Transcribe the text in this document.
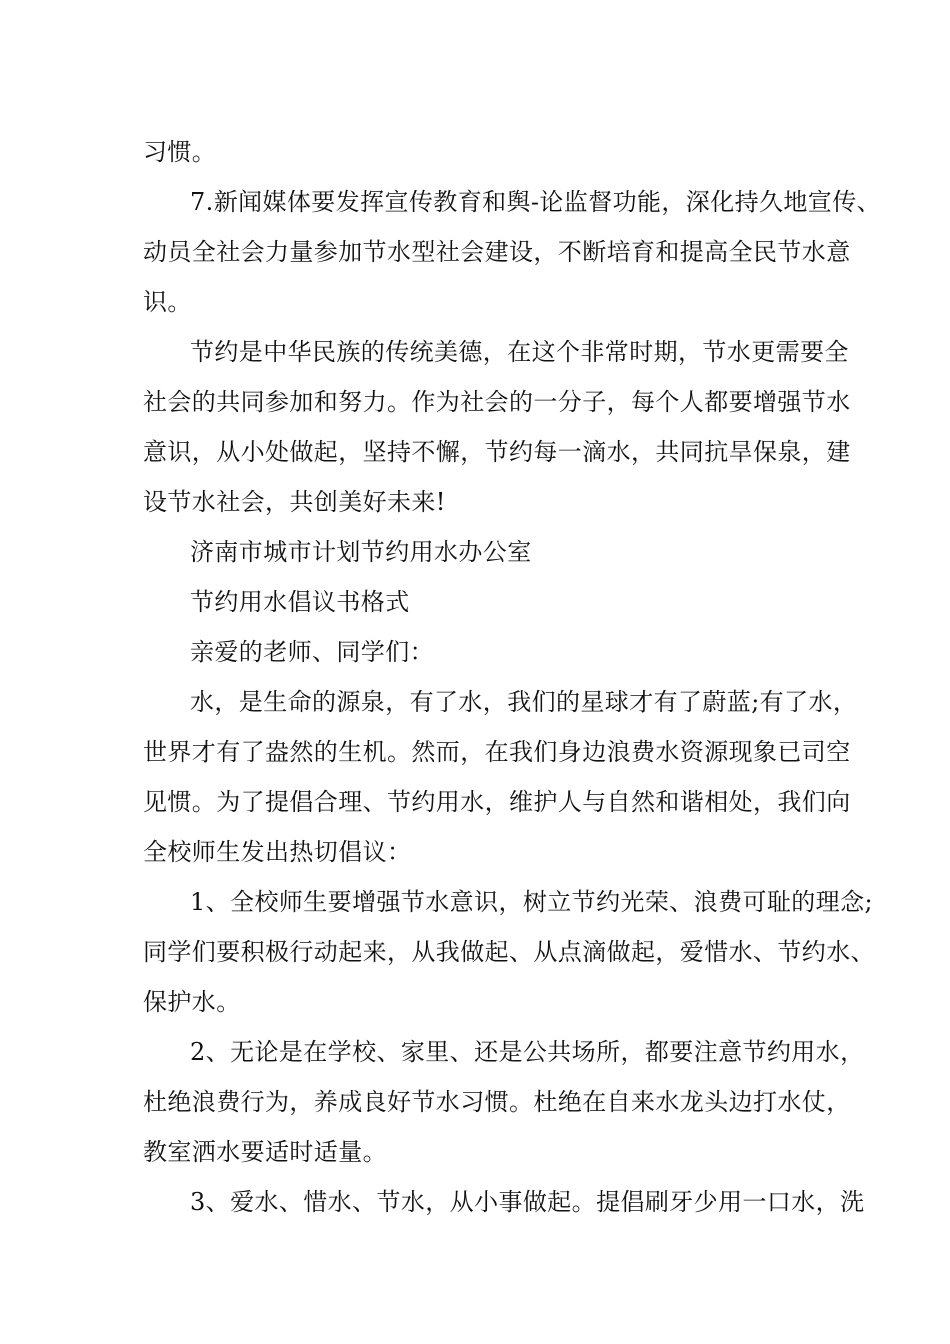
习惯。
7.新闻媒体要发挥宣传教育和舆-论监督功能，深化持久地宣传、
动员全社会力量参加节水型社会建设，不断培育和提高全民节水意
识。
节约是中华民族的传统美德，在这个非常时期，节水更需要全
社会的共同参加和努力。作为社会的一分子，每个人都要增强节水
意识，从小处做起，坚持不懈，节约每一滴水，共同抗旱保泉，建
设节水社会，共创美好未来!
济南市城市计划节约用水办公室
节约用水倡议书格式
亲爱的老师、同学们：
水，是生命的源泉，有了水，我们的星球才有了蔚蓝;有了水，
世界才有了盎然的生机。然而，在我们身边浪费水资源现象已司空
见惯。为了提倡合理、节约用水，维护人与自然和谐相处，我们向
全校师生发出热切倡议：
1、全校师生要增强节水意识，树立节约光荣、浪费可耻的理念;
同学们要积极行动起来，从我做起、从点滴做起，爱惜水、节约水、
保护水。
2、无论是在学校、家里、还是公共场所，都要注意节约用水，
杜绝浪费行为，养成良好节水习惯。杜绝在自来水龙头边打水仗，
教室洒水要适时适量。
3、爱水、惜水、节水，从小事做起。提倡刷牙少用一口水，洗
